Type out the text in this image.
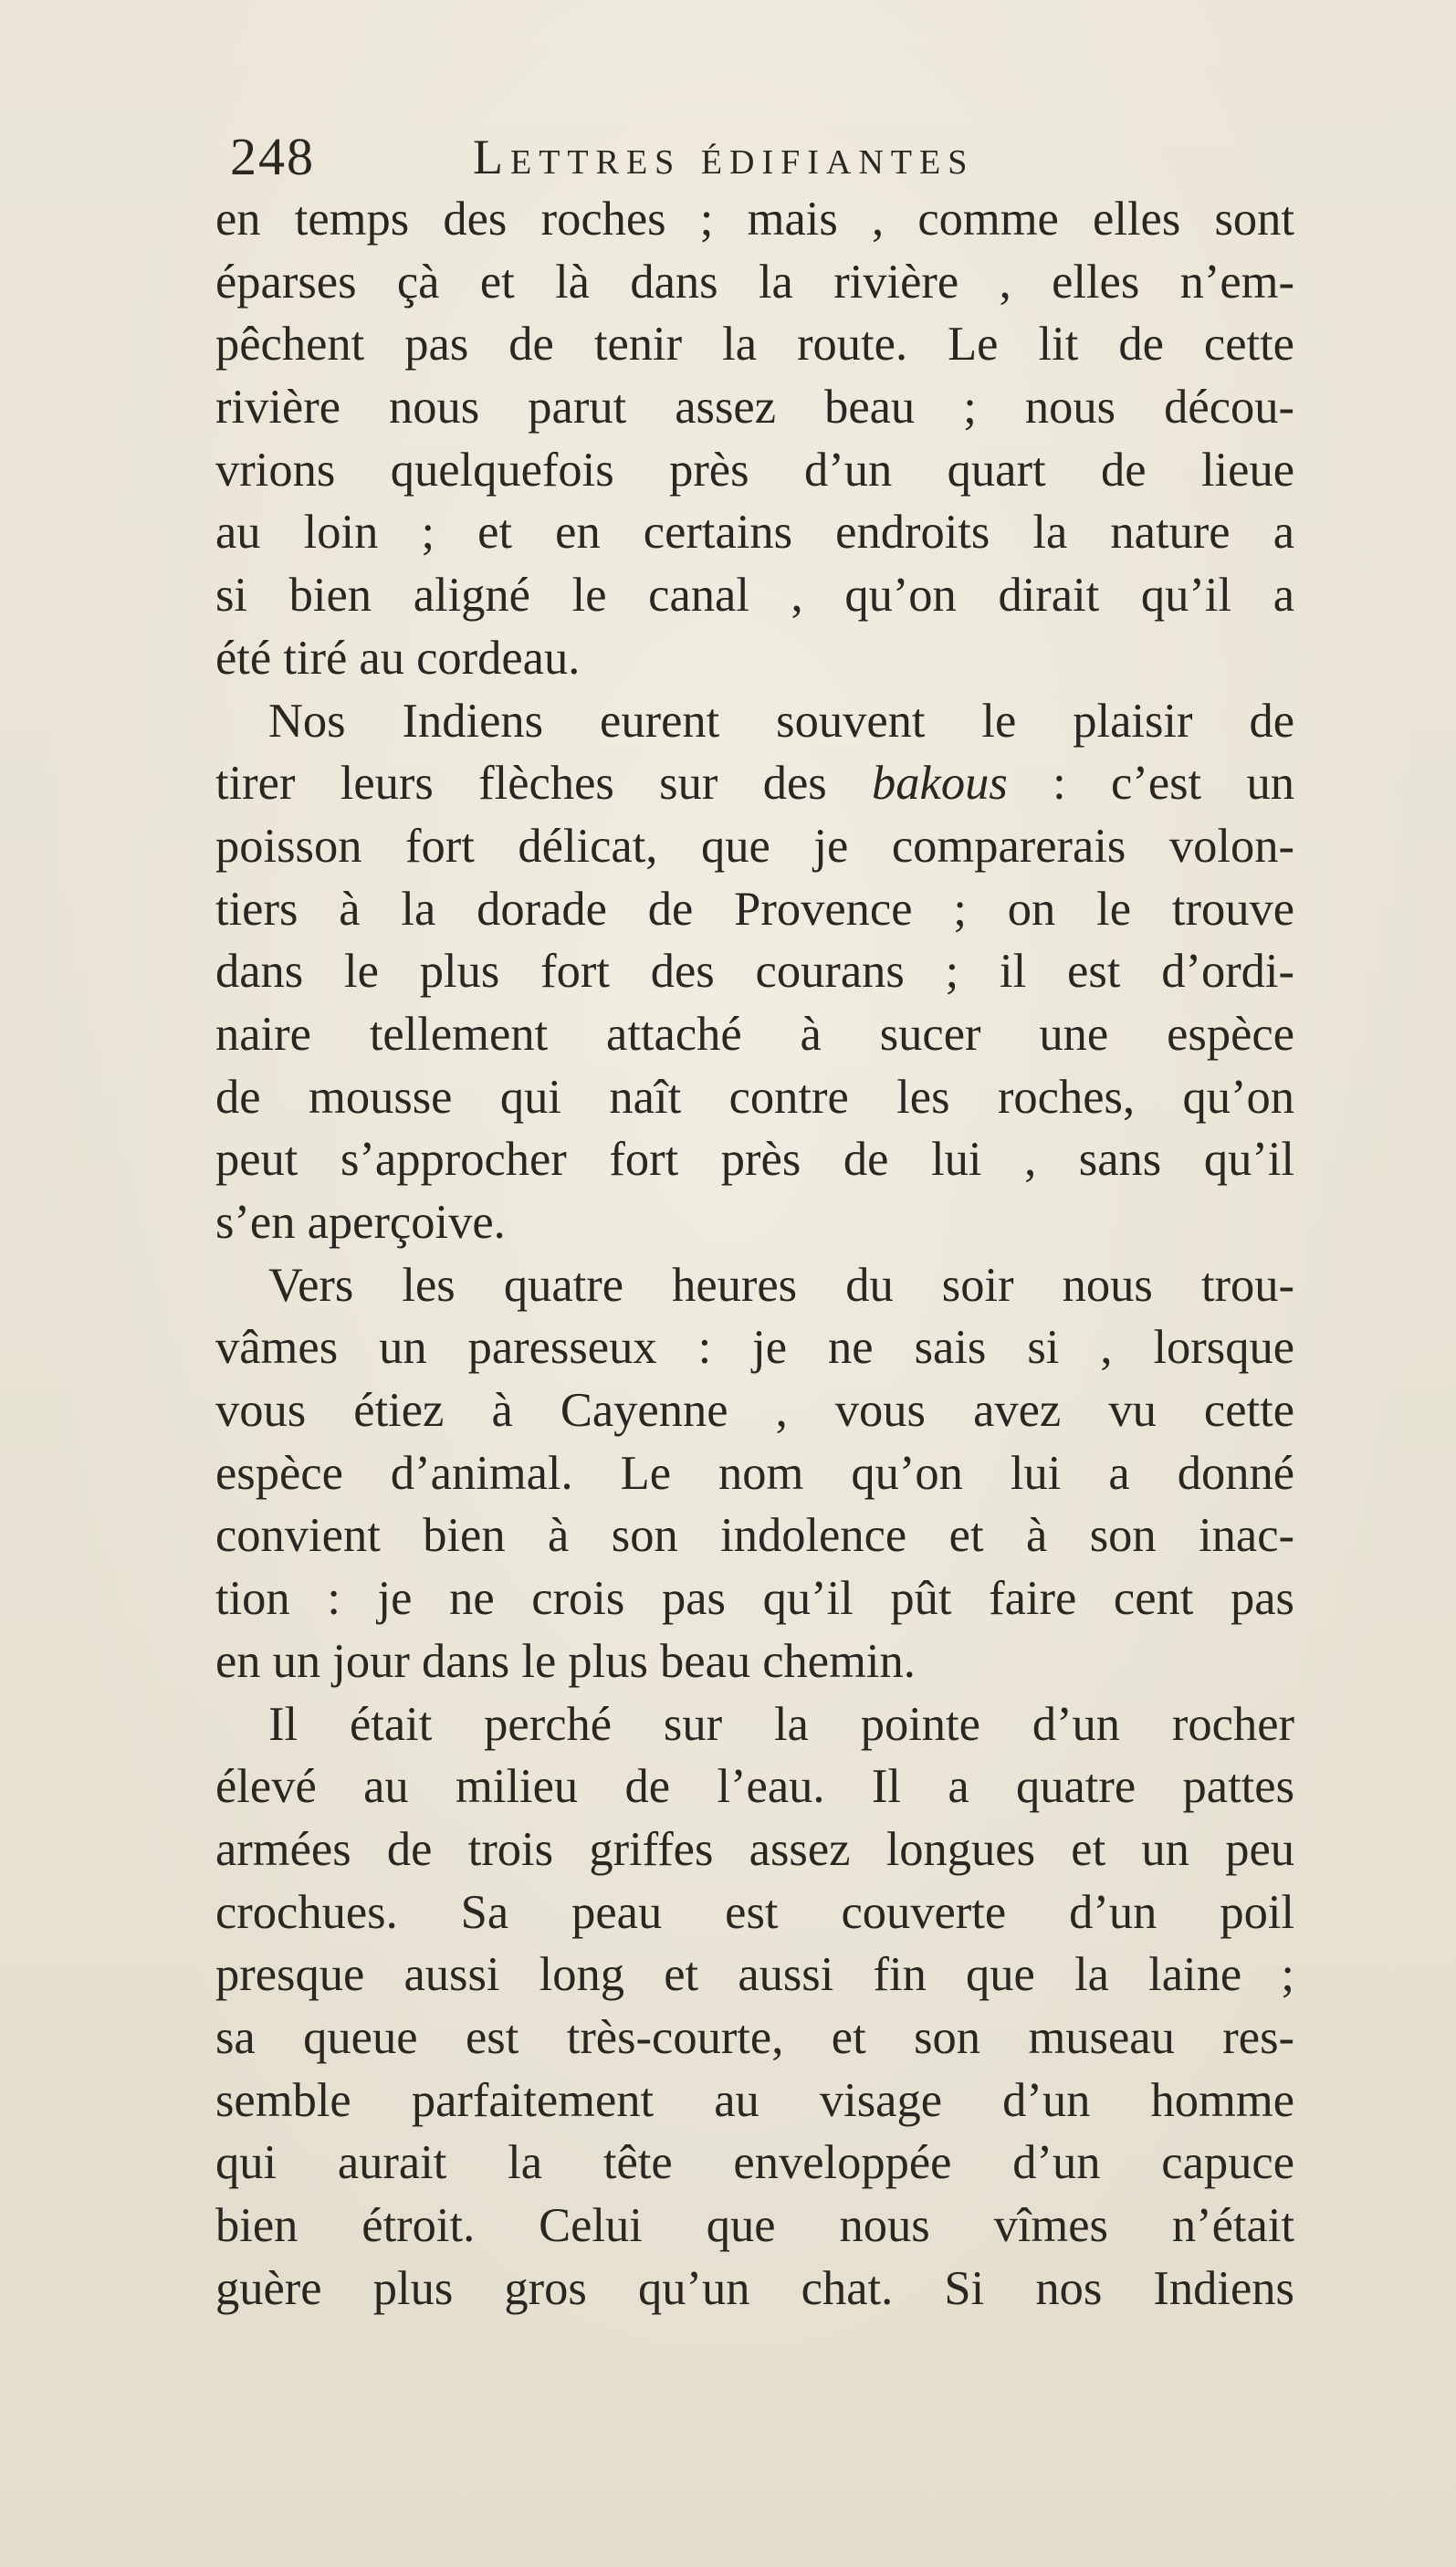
248	Lettres édifiantes
en temps des roches ; mais , comme elles sont
éparses çà et là dans la rivière , elles n’em-
pêchent pas de tenir la route. Le lit de cette
rivière nous parut assez beau ; nous décou-
vrions quelquefois près d’un quart de lieue
au loin ; et en certains endroits la nature a
si bien aligné le canal , qu’on dirait qu’il a
été tiré au cordeau.
Nos Indiens eurent souvent le plaisir de
tirer leurs flèches sur des bakous : c’est un
poisson fort délicat, que je comparerais volon-
tiers à la dorade de Provence ; on le trouve
dans le plus fort des courans ; il est d’ordi-
naire tellement attaché à sucer une espèce
de mousse qui naît contre les roches, qu’on
peut s’approcher fort près de lui , sans qu’il
s’en aperçoive.
Vers les quatre heures du soir nous trou-
vâmes un paresseux : je ne sais si , lorsque
vous étiez à Cayenne , vous avez vu cette
espèce d’animal. Le nom qu’on lui a donné
convient bien à son indolence et à son inac-
tion : je ne crois pas qu’il pût faire cent pas
en un jour dans le plus beau chemin.
Il était perché sur la pointe d’un rocher
élevé au milieu de l’eau. Il a quatre pattes
armées de trois griffes assez longues et un peu
crochues. Sa peau est couverte d’un poil
presque aussi long et aussi fin que la laine ;
sa queue est très-courte, et son museau res-
semble parfaitement au visage d’un homme
qui aurait la tête enveloppée d’un capuce
bien étroit. Celui que nous vîmes n’était
guère plus gros qu’un chat. Si nos Indiens
